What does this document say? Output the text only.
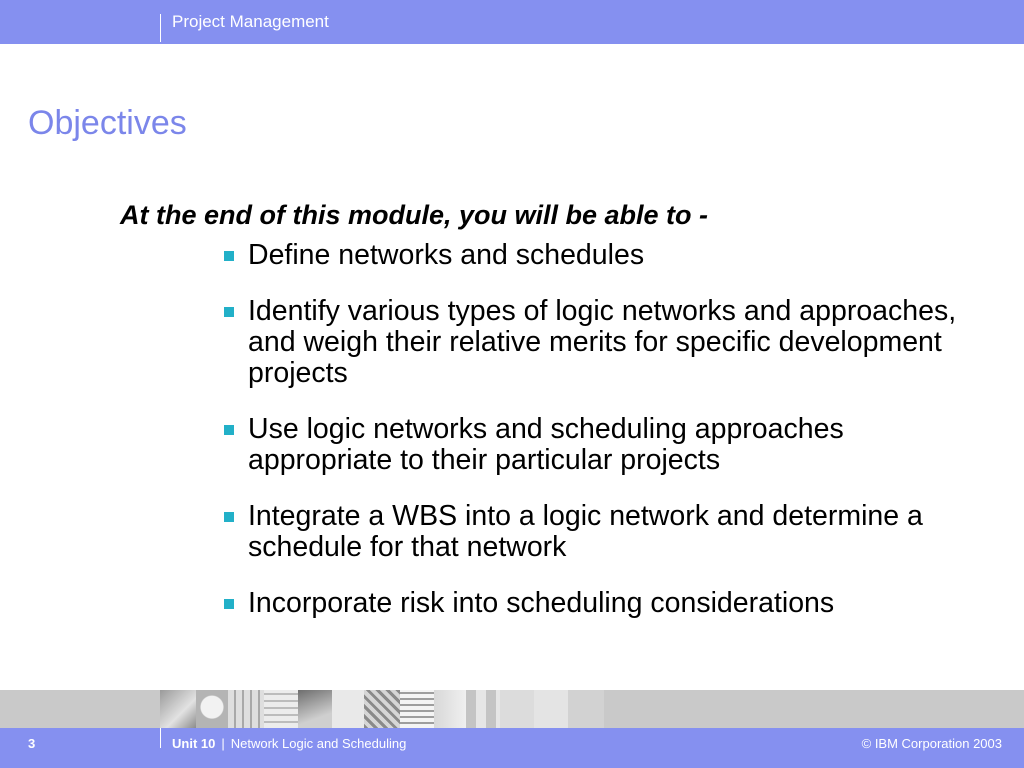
Project Management
Objectives
At the end of this module, you will be able to -
Define networks and schedules
Identify various types of logic networks and approaches, and weigh their relative merits for specific development projects
Use logic networks and scheduling approaches appropriate to their particular projects
Integrate a WBS into a logic network and determine a schedule for that network
Incorporate risk into scheduling considerations
3	Unit 10 | Network Logic and Scheduling	© IBM Corporation 2003
